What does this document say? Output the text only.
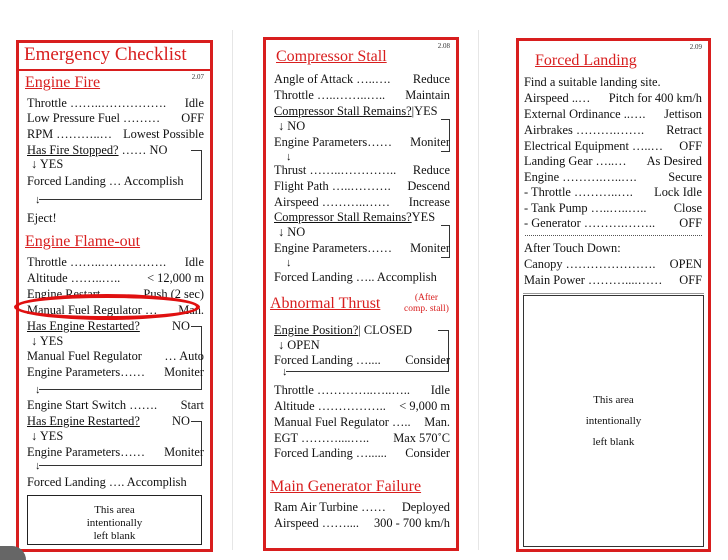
Emergency Checklist
2.07
Engine Fire
Throttle ……..……………. Idle
Low Pressure Fuel ……… OFF
RPM ………..… Lowest Possible
Has Fire Stopped? …… NO
↓ YES
Forced Landing … Accomplish
↓
Eject!
Engine Flame-out
Throttle ……..……………. Idle
Altitude ……..….. < 12,000 m
Engine Restart ….… Push (2 sec)
Manual Fuel Regulator … Man.
Has Engine Restarted?	NO
↓ YES
Manual Fuel Regulator … Auto
Engine Parameters…… Moniter
↓
Engine Start Switch ……. Start
Has Engine Restarted?	NO
↓ YES
Engine Parameters…… Moniter
↓
Forced Landing …. Accomplish
This area
intentionally
left blank
2.08
Compressor Stall
Angle of Attack …..…. Reduce
Throttle …..……..….. Maintain
Compressor Stall Remains?|YES
↓ NO
Engine Parameters…… Moniter
↓
Thrust ……..………….. Reduce
Flight Path …..………. Descend
Airspeed ………..…… Increase
Compressor Stall Remains?YES
↓ NO
Engine Parameters…… Moniter
↓
Forced Landing ….. Accomplish
Abnormal Thrust	(After
comp. stall)
Engine Position?| CLOSED
↓ OPEN
Forced Landing ….... Consider
↓
Throttle …………..…..….. Idle
Altitude …………….. < 9,000 m
Manual Fuel Regulator ….. Man.
EGT ………....….. Max 570˚C
Forced Landing …...... Consider
Main Generator Failure
Ram Air Turbine …… Deployed
Airspeed …….... 300 - 700 km/h
2.09
Forced Landing
Find a suitable landing site.
Airspeed ..… Pitch for 400 km/h
External Ordinance ..…. Jettison
Airbrakes ……….……. Retract
Electrical Equipment …..… OFF
Landing Gear …..… As Desired
Engine ……….…..….	Secure
- Throttle ………..…. Lock Idle
- Tank Pump …..…..….. Close
- Generator ……….…….. OFF
After Touch Down:
Canopy …………………. OPEN
Main Power ………....…… OFF
This area
intentionally
left blank
